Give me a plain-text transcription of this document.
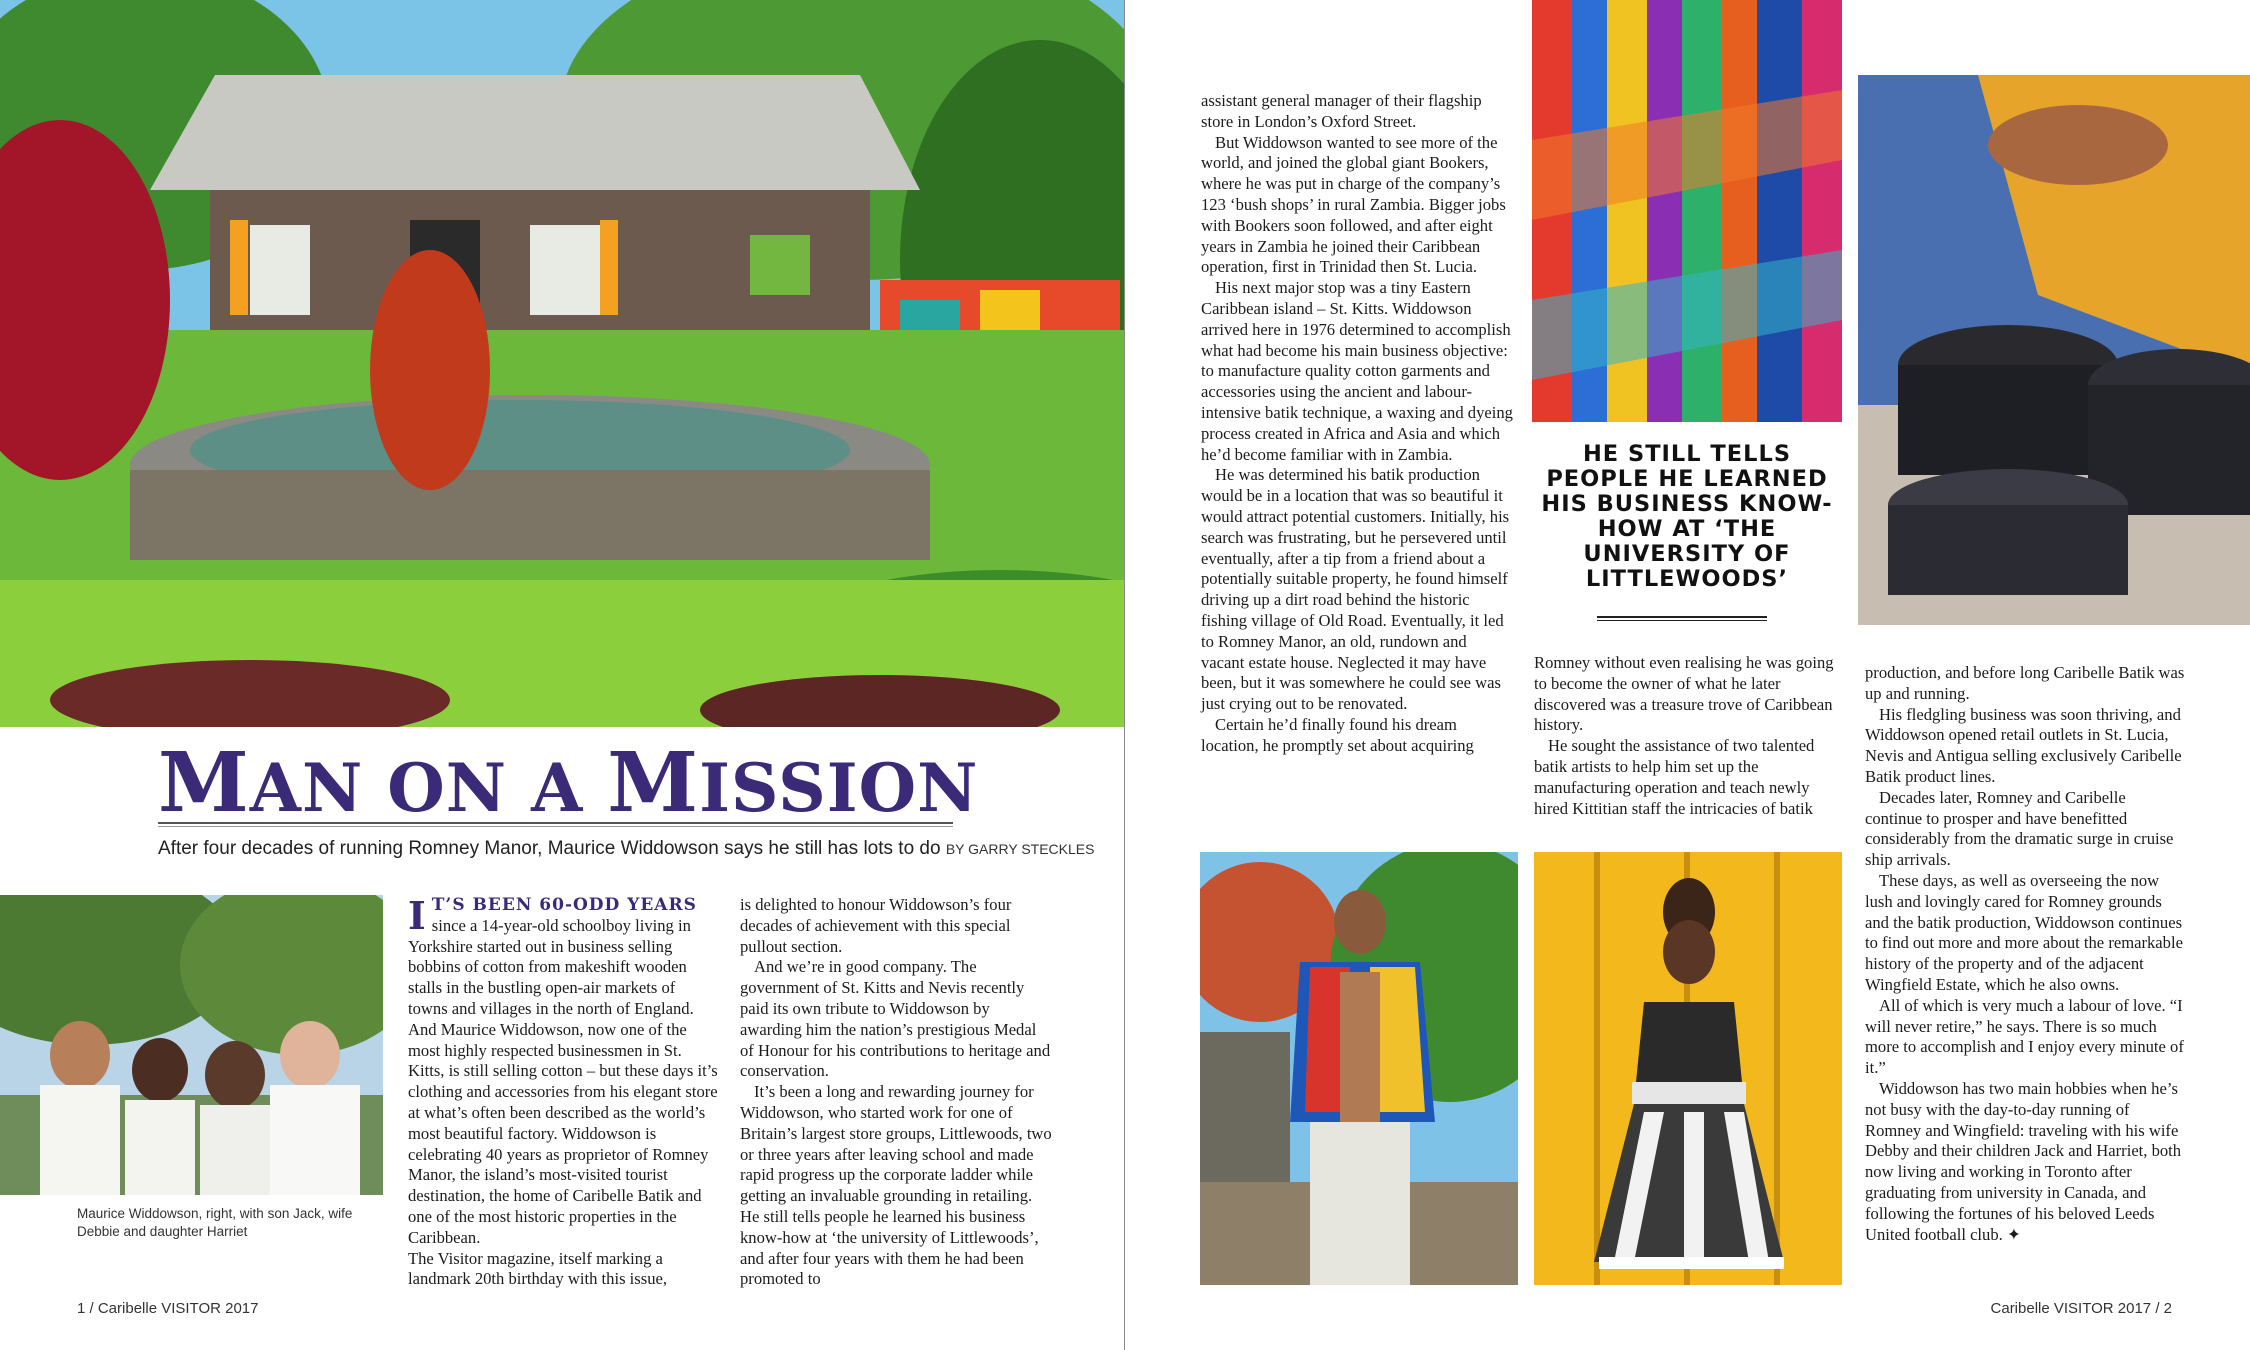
MAN ON A MISSION

After four decades of running Romney Manor, Maurice Widdowson says he still has lots to do BY GARRY STECKLES

Maurice Widdowson, right, with son Jack, wife Debbie and daughter Harriet

IT’S BEEN 60-ODD YEARS

since a 14-year-old schoolboy living in Yorkshire started out in business selling bobbins of cotton from makeshift wooden stalls in the bustling open-air markets of towns and villages in the north of England. And Maurice Widdowson, now one of the most highly respected businessmen in St. Kitts, is still selling cotton – but these days it’s clothing and accessories from his elegant store at what’s often been described as the world’s most beautiful factory. Widdowson is celebrating 40 years as proprietor of Romney Manor, the island’s most-visited tourist destination, the home of Caribelle Batik and one of the most historic properties in the Caribbean.

The Visitor magazine, itself marking a landmark 20th birthday with this issue,

is delighted to honour Widdowson’s four decades of achievement with this special pullout section.

And we’re in good company. The government of St. Kitts and Nevis recently paid its own tribute to Widdowson by awarding him the nation’s prestigious Medal of Honour for his contributions to heritage and conservation.

It’s been a long and rewarding journey for Widdowson, who started work for one of Britain’s largest store groups, Littlewoods, two or three years after leaving school and made rapid progress up the corporate ladder while getting an invaluable grounding in retailing. He still tells people he learned his business know-how at ‘the university of Littlewoods’, and after four years with them he had been promoted to

assistant general manager of their flagship store in London’s Oxford Street.

But Widdowson wanted to see more of the world, and joined the global giant Bookers, where he was put in charge of the company’s 123 ‘bush shops’ in rural Zambia. Bigger jobs with Bookers soon followed, and after eight years in Zambia he joined their Caribbean operation, first in Trinidad then St. Lucia.

His next major stop was a tiny Eastern Caribbean island – St. Kitts. Widdowson arrived here in 1976 determined to accomplish what had become his main business objective: to manufacture quality cotton garments and accessories using the ancient and labour-intensive batik technique, a waxing and dyeing process created in Africa and Asia and which he’d become familiar with in Zambia.

He was determined his batik production would be in a location that was so beautiful it would attract potential customers. Initially, his search was frustrating, but he persevered until eventually, after a tip from a friend about a potentially suitable property, he found himself driving up a dirt road behind the historic fishing village of Old Road. Eventually, it led to Romney Manor, an old, rundown and vacant estate house. Neglected it may have been, but it was somewhere he could see was just crying out to be renovated.

Certain he’d finally found his dream location, he promptly set about acquiring

HE STILL TELLS PEOPLE HE LEARNED HIS BUSINESS KNOW-HOW AT ‘THE UNIVERSITY OF LITTLEWOODS’

Romney without even realising he was going to become the owner of what he later discovered was a treasure trove of Caribbean history.

He sought the assistance of two talented batik artists to help him set up the manufacturing operation and teach newly hired Kittitian staff the intricacies of batik

production, and before long Caribelle Batik was up and running.

His fledgling business was soon thriving, and Widdowson opened retail outlets in St. Lucia, Nevis and Antigua selling exclusively Caribelle Batik product lines.

Decades later, Romney and Caribelle continue to prosper and have benefitted considerably from the dramatic surge in cruise ship arrivals.

These days, as well as overseeing the now lush and lovingly cared for Romney grounds and the batik production, Widdowson continues to find out more and more about the remarkable history of the property and of the adjacent Wingfield Estate, which he also owns.

All of which is very much a labour of love. “I will never retire,” he says. There is so much more to accomplish and I enjoy every minute of it.”

Widdowson has two main hobbies when he’s not busy with the day-to-day running of Romney and Wingfield: traveling with his wife Debby and their children Jack and Harriet, both now living and working in Toronto after graduating from university in Canada, and following the fortunes of his beloved Leeds United football club. ✦

1 / Caribelle VISITOR 2017	Caribelle VISITOR 2017 / 2
